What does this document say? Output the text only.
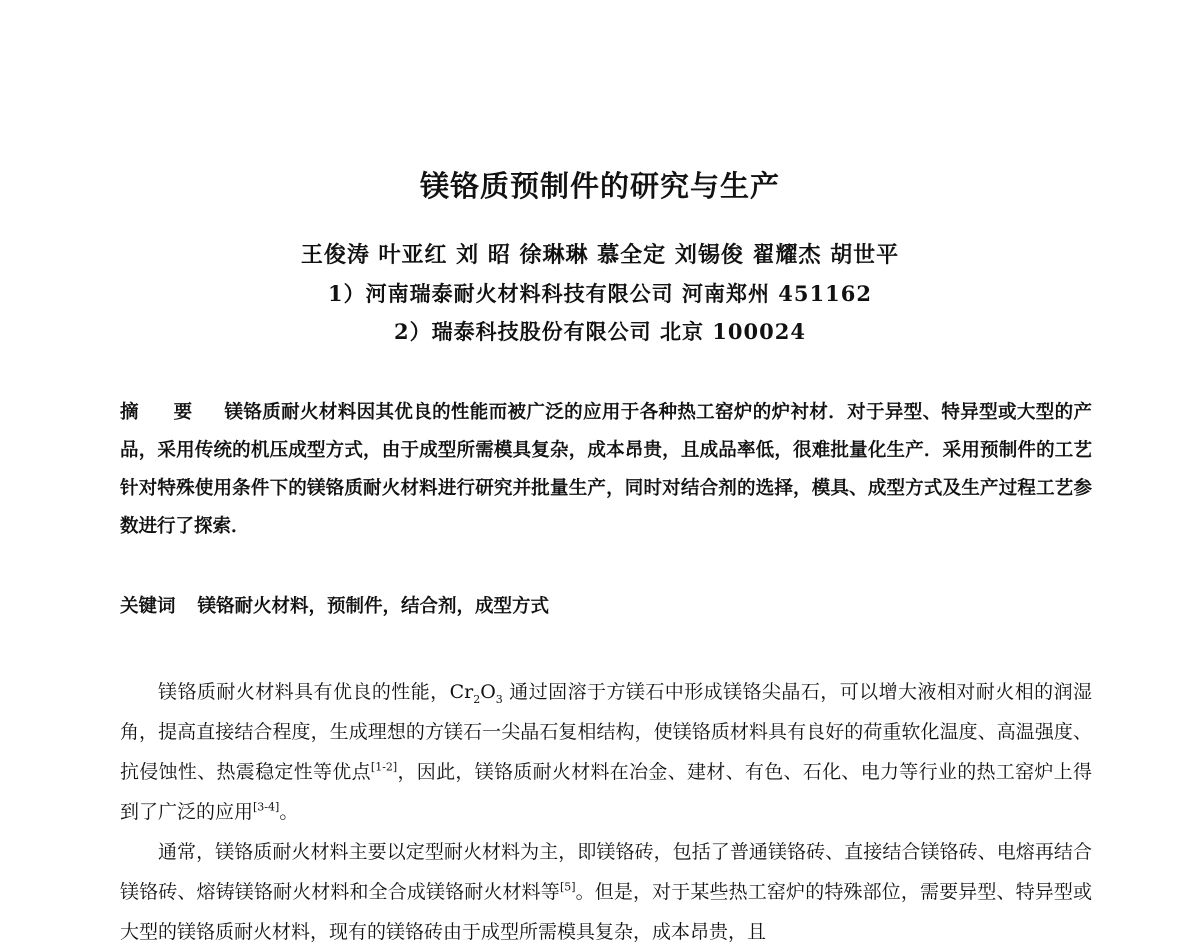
镁铬质预制件的研究与生产
王俊涛 叶亚红 刘 昭 徐琳琳 慕全定 刘锡俊 翟耀杰 胡世平
1）河南瑞泰耐火材料科技有限公司 河南郑州 451162
2）瑞泰科技股份有限公司 北京 100024
摘 要 镁铬质耐火材料因其优良的性能而被广泛的应用于各种热工窑炉的炉衬材．对于异型、特异型或大型的产品，采用传统的机压成型方式，由于成型所需模具复杂，成本昂贵，且成品率低，很难批量化生产．采用预制件的工艺针对特殊使用条件下的镁铬质耐火材料进行研究并批量生产，同时对结合剂的选择，模具、成型方式及生产过程工艺参数进行了探索．
关键词 镁铬耐火材料，预制件，结合剂，成型方式

镁铬质耐火材料具有优良的性能，$Cr_2O_3$ 通过固溶于方镁石中形成镁铬尖晶石，可以增大液相对耐火相的润湿角，提高直接结合程度，生成理想的方镁石一尖晶石复相结构，使镁铬质材料具有良好的荷重软化温度、高温强度、抗侵蚀性、热震稳定性等优点[1-2]，因此，镁铬质耐火材料在冶金、建材、有色、石化、电力等行业的热工窑炉上得到了广泛的应用[3-4]。

通常，镁铬质耐火材料主要以定型耐火材料为主，即镁铬砖，包括了普通镁铬砖、直接结合镁铬砖、电熔再结合镁铬砖、熔铸镁铬耐火材料和全合成镁铬耐火材料等[5]。但是，对于某些热工窑炉的特殊部位，需要异型、特异型或大型的镁铬质耐火材料，现有的镁铬砖由于成型所需模具复杂，成本昂贵，且
